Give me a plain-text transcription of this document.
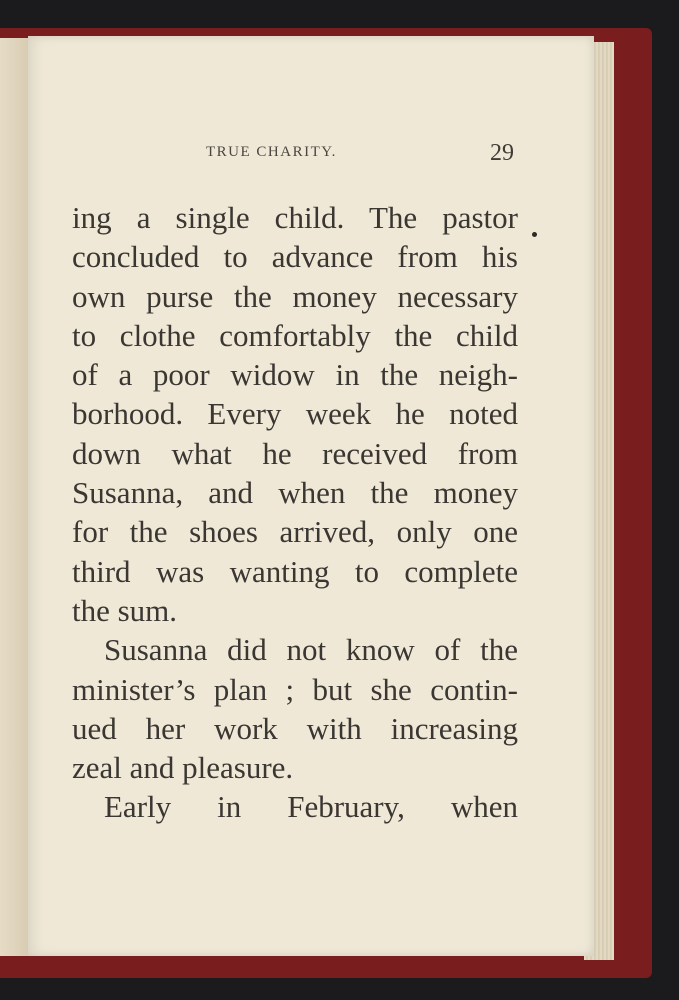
TRUE CHARITY.	29
ing a single child. The pastor
concluded to advance from his
own purse the money necessary
to clothe comfortably the child
of a poor widow in the neigh-
borhood. Every week he noted
down what he received from
Susanna, and when the money
for the shoes arrived, only one
third was wanting to complete
the sum.
Susanna did not know of the
minister’s plan ; but she contin-
ued her work with increasing
zeal and pleasure.
Early in February, when
